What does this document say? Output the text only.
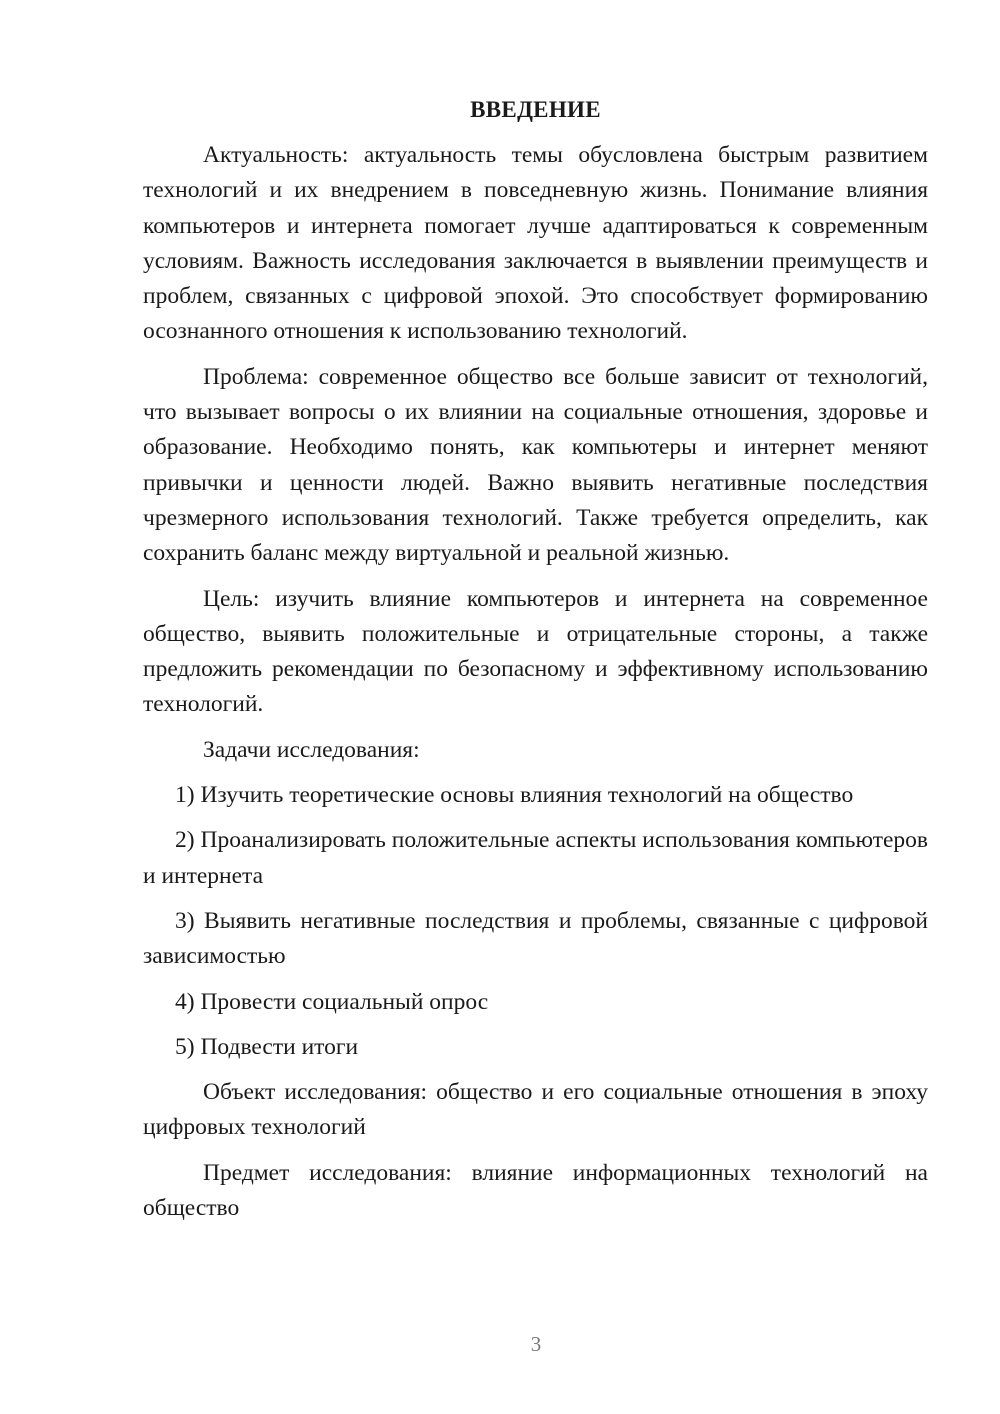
ВВЕДЕНИЕ

Актуальность: актуальность темы обусловлена быстрым развитием технологий и их внедрением в повседневную жизнь. Понимание влияния компьютеров и интернета помогает лучше адаптироваться к современным условиям. Важность исследования заключается в выявлении преимуществ и проблем, связанных с цифровой эпохой. Это способствует формированию осознанного отношения к использованию технологий.

Проблема: современное общество все больше зависит от технологий, что вызывает вопросы о их влиянии на социальные отношения, здоровье и образование. Необходимо понять, как компьютеры и интернет меняют привычки и ценности людей. Важно выявить негативные последствия чрезмерного использования технологий. Также требуется определить, как сохранить баланс между виртуальной и реальной жизнью.

Цель: изучить влияние компьютеров и интернета на современное общество, выявить положительные и отрицательные стороны, а также предложить рекомендации по безопасному и эффективному использованию технологий.

Задачи исследования:

1) Изучить теоретические основы влияния технологий на общество

2) Проанализировать положительные аспекты использования компьютеров и интернета

3) Выявить негативные последствия и проблемы, связанные с цифровой зависимостью

4) Провести социальный опрос

5) Подвести итоги

Объект исследования: общество и его социальные отношения в эпоху цифровых технологий

Предмет исследования: влияние информационных технологий на общество

3
